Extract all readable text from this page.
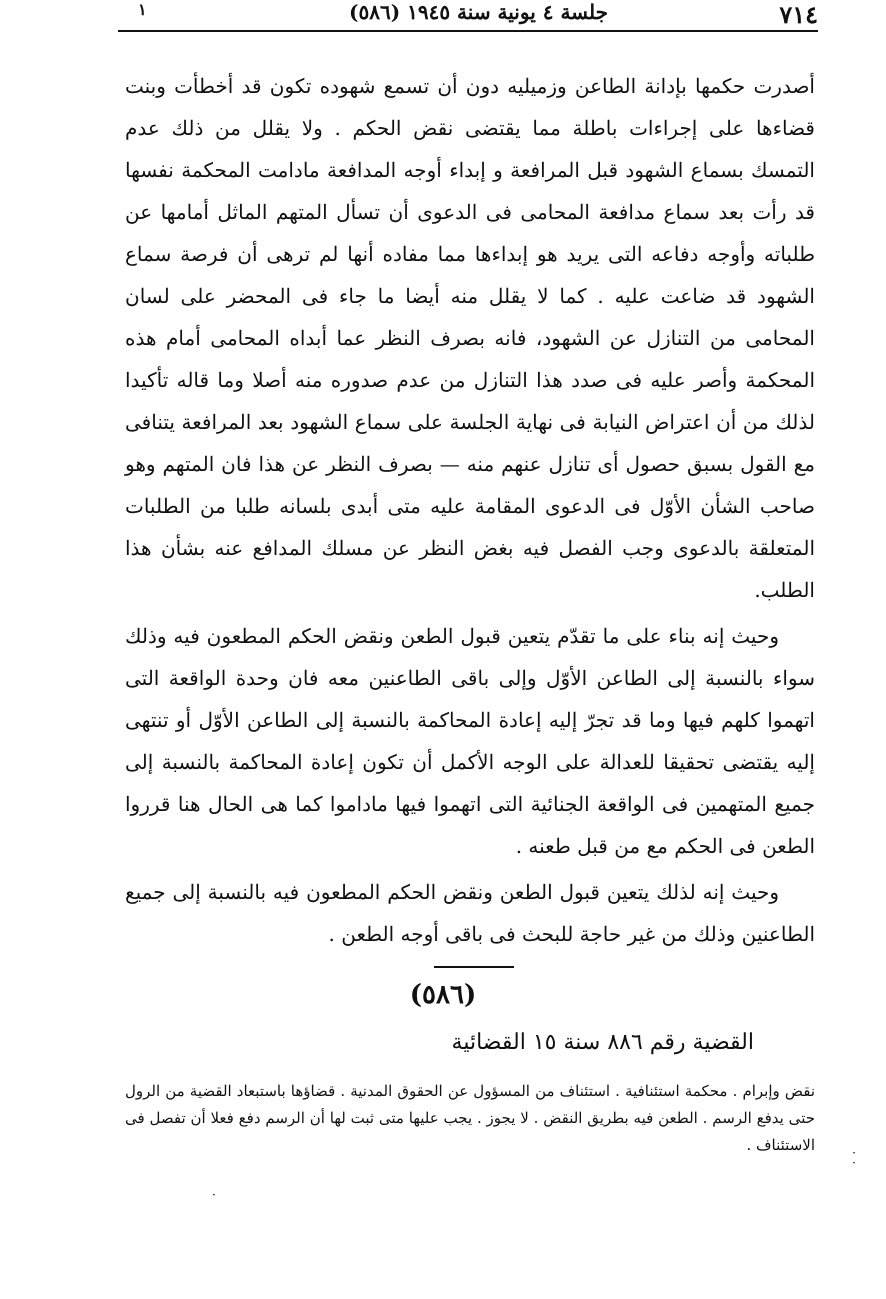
٧١٤
جلسة ٤ يونية سنة ١٩٤٥ (٥٨٦)
١

أصدرت حكمها بإدانة الطاعن وزميليه دون أن تسمع شهوده تكون قد أخطأت وبنت قضاءها على إجراءات باطلة مما يقتضى نقض الحكم . ولا يقلل من ذلك عدم التمسك بسماع الشهود قبل المرافعة و إبداء أوجه المدافعة مادامت المحكمة نفسها قد رأت بعد سماع مدافعة المحامى فى الدعوى أن تسأل المتهم الماثل أمامها عن طلباته وأوجه دفاعه التى يريد هو إبداءها مما مفاده أنها لم ترهى أن فرصة سماع الشهود قد ضاعت عليه . كما لا يقلل منه أيضا ما جاء فى المحضر على لسان المحامى من التنازل عن الشهود، فانه بصرف النظر عما أبداه المحامى أمام هذه المحكمة وأصر عليه فى صدد هذا التنازل من عدم صدوره منه أصلا وما قاله تأكيدا لذلك من أن اعتراض النيابة فى نهاية الجلسة على سماع الشهود بعد المرافعة يتنافى مع القول بسبق حصول أى تنازل عنهم منه — بصرف النظر عن هذا فان المتهم وهو صاحب الشأن الأوّل فى الدعوى المقامة عليه متى أبدى بلسانه طلبا من الطلبات المتعلقة بالدعوى وجب الفصل فيه بغض النظر عن مسلك المدافع عنه بشأن هذا الطلب.

وحيث إنه بناء على ما تقدّم يتعين قبول الطعن ونقض الحكم المطعون فيه وذلك سواء بالنسبة إلى الطاعن الأوّل وإلى باقى الطاعنين معه فان وحدة الواقعة التى اتهموا كلهم فيها وما قد تجرّ إليه إعادة المحاكمة بالنسبة إلى الطاعن الأوّل أو تنتهى إليه يقتضى تحقيقا للعدالة على الوجه الأكمل أن تكون إعادة المحاكمة بالنسبة إلى جميع المتهمين فى الواقعة الجنائية التى اتهموا فيها ماداموا كما هى الحال هنا قرروا الطعن فى الحكم مع من قبل طعنه .

وحيث إنه لذلك يتعين قبول الطعن ونقض الحكم المطعون فيه بالنسبة إلى جميع الطاعنين وذلك من غير حاجة للبحث فى باقى أوجه الطعن .

(٥٨٦)
القضية رقم ٨٨٦ سنة ١٥ القضائية
نقض وإبرام . محكمة استئنافية . استئناف من المسؤول عن الحقوق المدنية . قضاؤها باستبعاد القضية من الرول حتى يدفع الرسم . الطعن فيه بطريق النقض . لا يجوز . يجب عليها متى ثبت لها أن الرسم دفع فعلا أن تفصل فى الاستئناف .
·
·
·
